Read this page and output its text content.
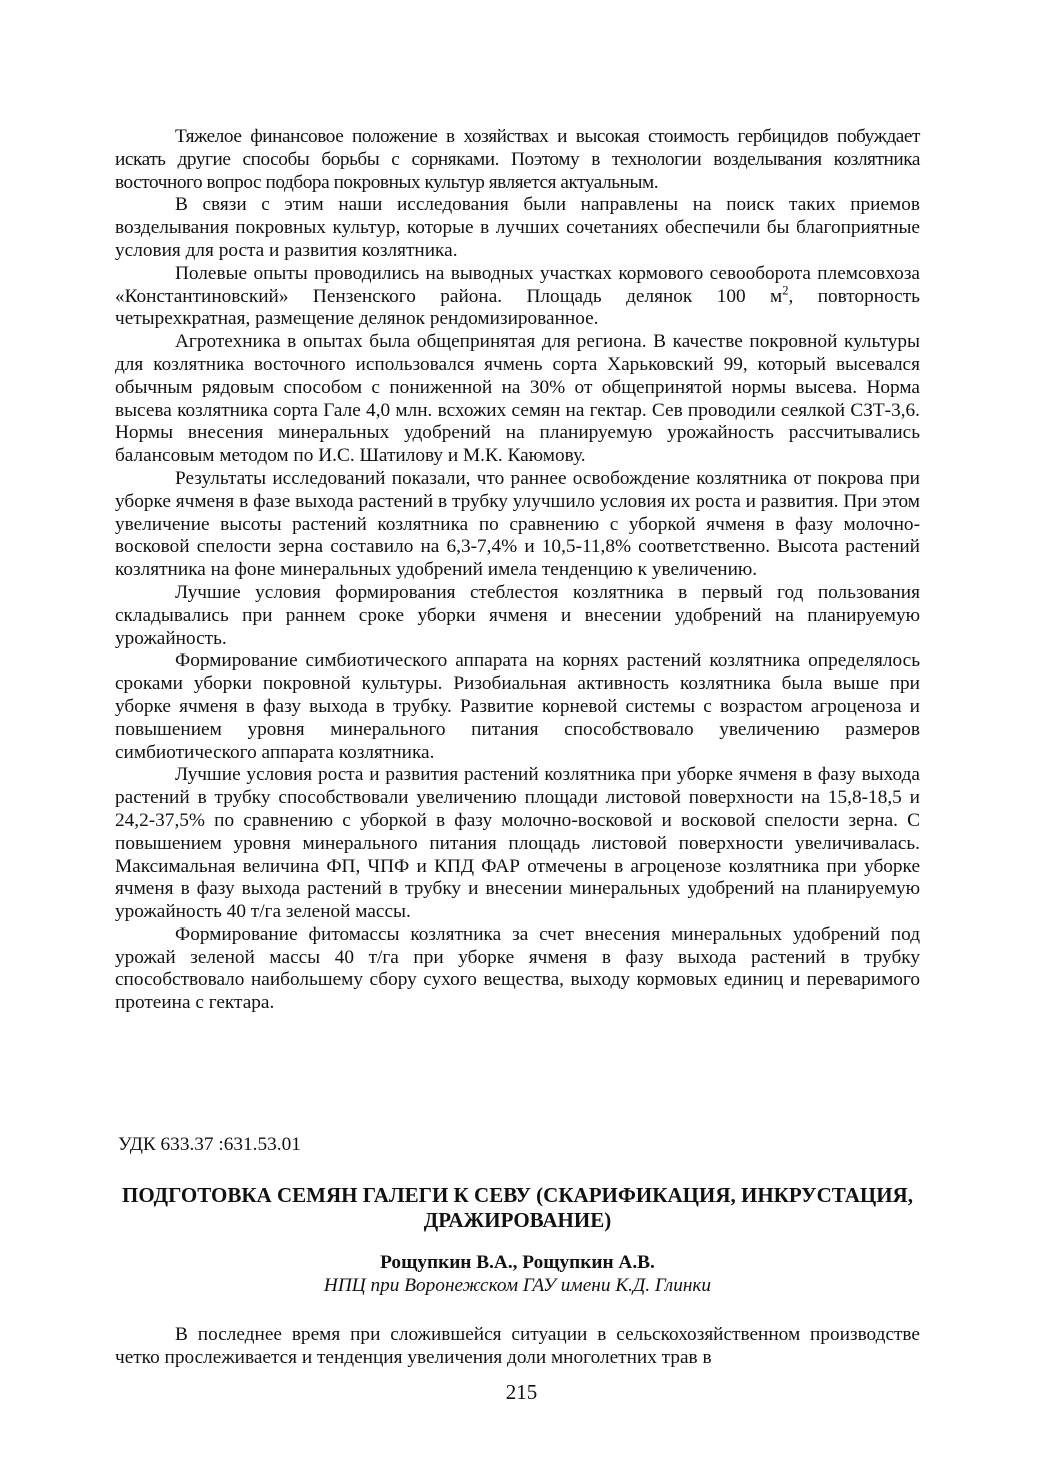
Тяжелое финансовое положение в хозяйствах и высокая стоимость гербицидов побуждает искать другие способы борьбы с сорняками. Поэтому в технологии возделывания козлятника восточного вопрос подбора покровных культур является актуальным.

В связи с этим наши исследования были направлены на поиск таких приемов возделывания покровных культур, которые в лучших сочетаниях обеспечили бы благоприятные условия для роста и развития козлятника.

Полевые опыты проводились на выводных участках кормового севооборота племсовхоза «Константиновский» Пензенского района. Площадь делянок 100 $м^2$, повторность четырехкратная, размещение делянок рендомизированное.

Агротехника в опытах была общепринятая для региона. В качестве покровной культуры для козлятника восточного использовался ячмень сорта Харьковский 99, который высевался обычным рядовым способом с пониженной на 30% от общепринятой нормы высева. Норма высева козлятника сорта Гале 4,0 млн. всхожих семян на гектар. Сев проводили сеялкой СЗТ-3,6. Нормы внесения минеральных удобрений на планируемую урожайность рассчитывались балансовым методом по И.С. Шатилову и М.К. Каюмову.

Результаты исследований показали, что раннее освобождение козлятника от покрова при уборке ячменя в фазе выхода растений в трубку улучшило условия их роста и развития. При этом увеличение высоты растений козлятника по сравнению с уборкой ячменя в фазу молочно-восковой спелости зерна составило на 6,3-7,4% и 10,5-11,8% соответственно. Высота растений козлятника на фоне минеральных удобрений имела тенденцию к увеличению.

Лучшие условия формирования стеблестоя козлятника в первый год пользования складывались при раннем сроке уборки ячменя и внесении удобрений на планируемую урожайность.

Формирование симбиотического аппарата на корнях растений козлятника определялось сроками уборки покровной культуры. Ризобиальная активность козлятника была выше при уборке ячменя в фазу выхода в трубку. Развитие корневой системы с возрастом агроценоза и повышением уровня минерального питания способствовало увеличению размеров симбиотического аппарата козлятника.

Лучшие условия роста и развития растений козлятника при уборке ячменя в фазу выхода растений в трубку способствовали увеличению площади листовой поверхности на 15,8-18,5 и 24,2-37,5% по сравнению с уборкой в фазу молочно-восковой и восковой спелости зерна. С повышением уровня минерального питания площадь листовой поверхности увеличивалась. Максимальная величина ФП, ЧПФ и КПД ФАР отмечены в агроценозе козлятника при уборке ячменя в фазу выхода растений в трубку и внесении минеральных удобрений на планируемую урожайность 40 т/га зеленой массы.

Формирование фитомассы козлятника за счет внесения минеральных удобрений под урожай зеленой массы 40 т/га при уборке ячменя в фазу выхода растений в трубку способствовало наибольшему сбору сухого вещества, выходу кормовых единиц и переваримого протеина с гектара.

УДК 633.37 :631.53.01

ПОДГОТОВКА СЕМЯН ГАЛЕГИ К СЕВУ (СКАРИФИКАЦИЯ, ИНКРУСТАЦИЯ, ДРАЖИРОВАНИЕ)

Рощупкин В.А., Рощупкин А.В.

НПЦ при Воронежском ГАУ имени К.Д. Глинки

В последнее время при сложившейся ситуации в сельскохозяйственном производстве четко прослеживается и тенденция увеличения доли многолетних трав в

215
